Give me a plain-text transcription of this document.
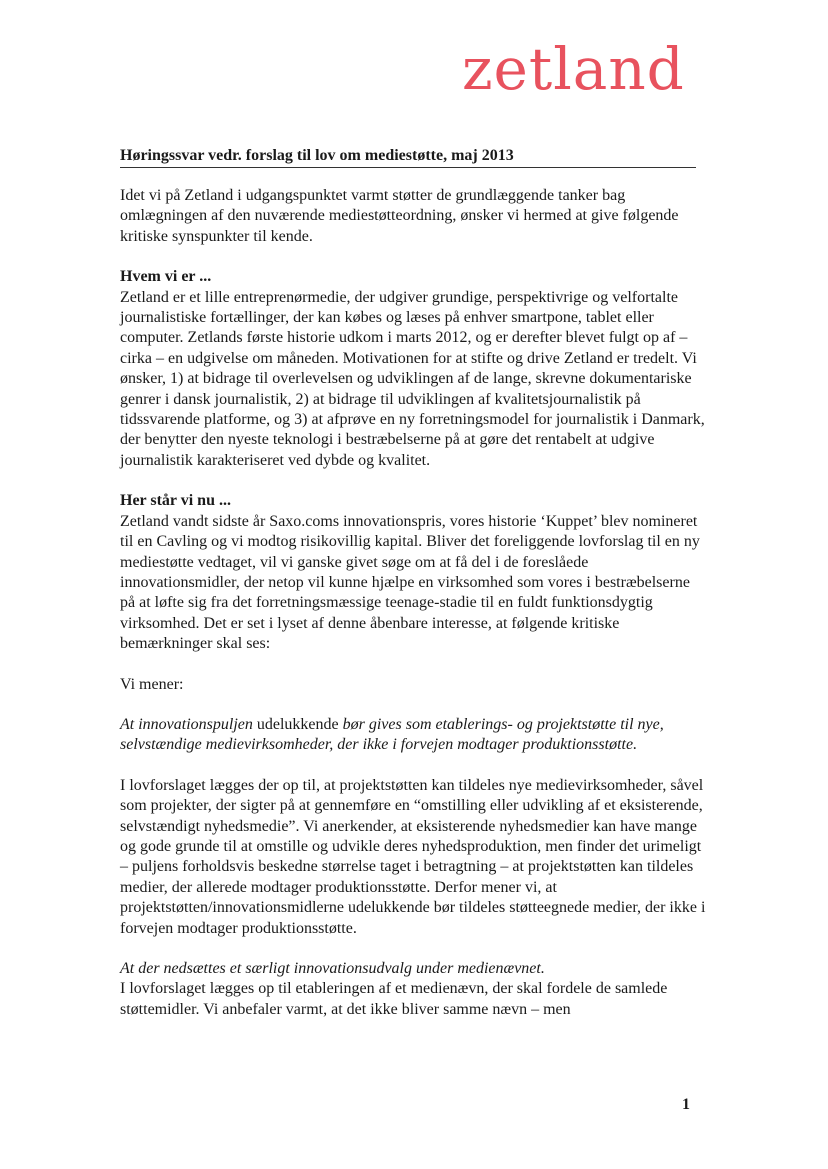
zetland
Høringssvar vedr. forslag til lov om mediestøtte, maj 2013

Idet vi på Zetland i udgangspunktet varmt støtter de grundlæggende tanker bag omlægningen af den nuværende mediestøtteordning, ønsker vi hermed at give følgende kritiske synspunkter til kende.

Hvem vi er ...

Zetland er et lille entreprenørmedie, der udgiver grundige, perspektivrige og velfortalte journalistiske fortællinger, der kan købes og læses på enhver smartpone, tablet eller computer. Zetlands første historie udkom i marts 2012, og er derefter blevet fulgt op af – cirka – en udgivelse om måneden. Motivationen for at stifte og drive Zetland er tredelt. Vi ønsker, 1) at bidrage til overlevelsen og udviklingen af de lange, skrevne dokumentariske genrer i dansk journalistik, 2) at bidrage til udviklingen af kvalitetsjournalistik på tidssvarende platforme, og 3) at afprøve en ny forretningsmodel for journalistik i Danmark, der benytter den nyeste teknologi i bestræbelserne på at gøre det rentabelt at udgive journalistik karakteriseret ved dybde og kvalitet.

Her står vi nu ...

Zetland vandt sidste år Saxo.coms innovationspris, vores historie ‘Kuppet’ blev nomineret til en Cavling og vi modtog risikovillig kapital. Bliver det foreliggende lovforslag til en ny mediestøtte vedtaget, vil vi ganske givet søge om at få del i de foreslåede innovationsmidler, der netop vil kunne hjælpe en virksomhed som vores i bestræbelserne på at løfte sig fra det forretningsmæssige teenage-stadie til en fuldt funktionsdygtig virksomhed. Det er set i lyset af denne åbenbare interesse, at følgende kritiske bemærkninger skal ses:

Vi mener:

At innovationspuljen udelukkende bør gives som etablerings- og projektstøtte til nye, selvstændige medievirksomheder, der ikke i forvejen modtager produktionsstøtte.

I lovforslaget lægges der op til, at projektstøtten kan tildeles nye medievirksomheder, såvel som projekter, der sigter på at gennemføre en “omstilling eller udvikling af et eksisterende, selvstændigt nyhedsmedie”. Vi anerkender, at eksisterende nyhedsmedier kan have mange og gode grunde til at omstille og udvikle deres nyhedsproduktion, men finder det urimeligt – puljens forholdsvis beskedne størrelse taget i betragtning – at projektstøtten kan tildeles medier, der allerede modtager produktionsstøtte. Derfor mener vi, at projektstøtten/innovationsmidlerne udelukkende bør tildeles støtteegnede medier, der ikke i forvejen modtager produktionsstøtte.

At der nedsættes et særligt innovationsudvalg under medienævnet.

I lovforslaget lægges op til etableringen af et medienævn, der skal fordele de samlede støttemidler. Vi anbefaler varmt, at det ikke bliver samme nævn – men

1
